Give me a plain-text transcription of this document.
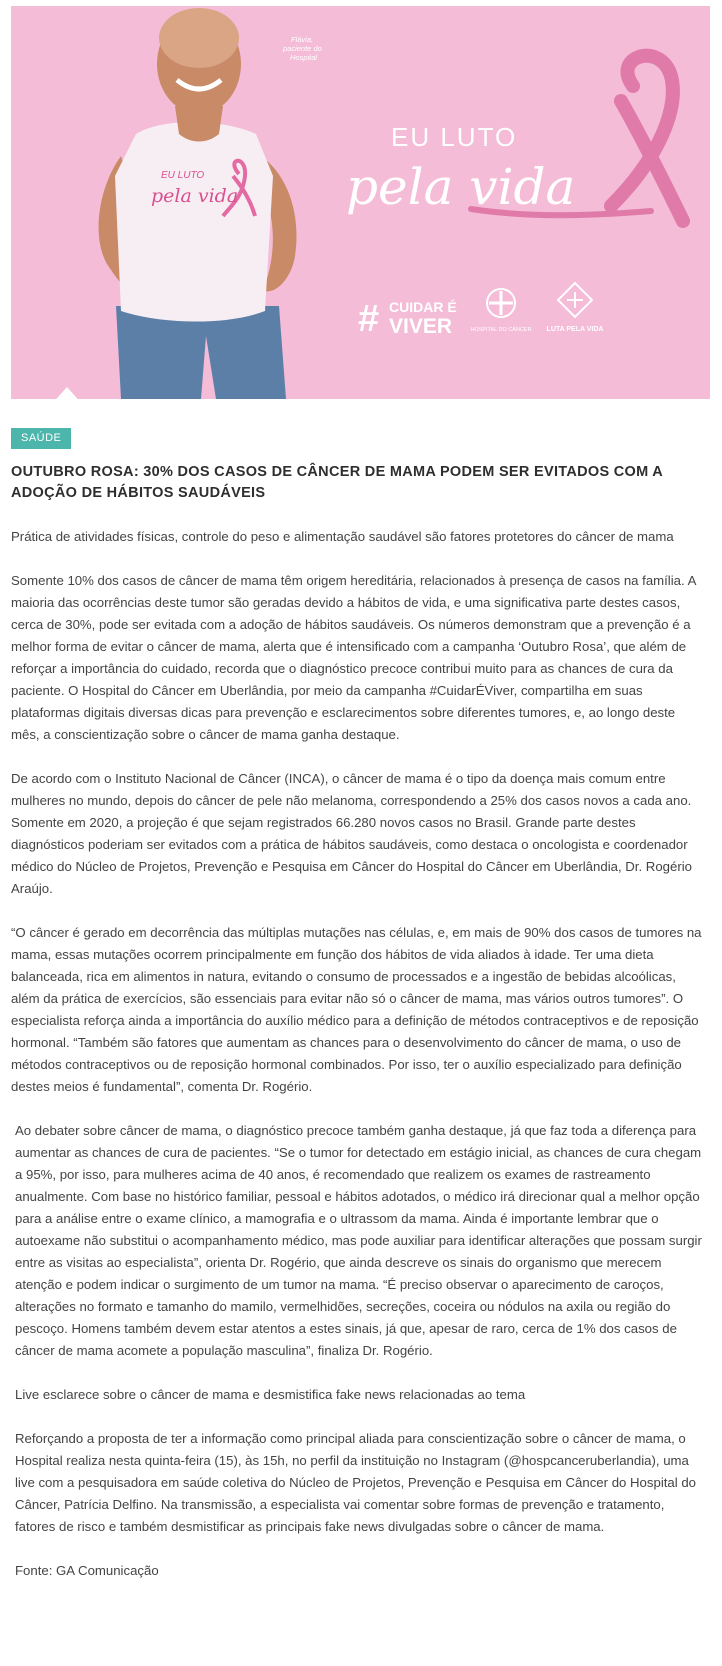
Flávia,
paciente do
Hospital
EU LUTO
pela vida
EU LUTO
pela vida
# CUIDAR É
VIVER	HOSPITAL DO CÂNCER LUTA PELA VIDA
SAÚDE
OUTUBRO ROSA: 30% DOS CASOS DE CÂNCER DE MAMA PODEM SER EVITADOS COM A ADOÇÃO DE HÁBITOS SAUDÁVEIS

Prática de atividades físicas, controle do peso e alimentação saudável são fatores protetores do câncer de mama

Somente 10% dos casos de câncer de mama têm origem hereditária, relacionados à presença de casos na família. A maioria das ocorrências deste tumor são geradas devido a hábitos de vida, e uma significativa parte destes casos, cerca de 30%, pode ser evitada com a adoção de hábitos saudáveis. Os números demonstram que a prevenção é a melhor forma de evitar o câncer de mama, alerta que é intensificado com a campanha ‘Outubro Rosa’, que além de reforçar a importância do cuidado, recorda que o diagnóstico precoce contribui muito para as chances de cura da paciente. O Hospital do Câncer em Uberlândia, por meio da campanha #CuidarÉViver, compartilha em suas plataformas digitais diversas dicas para prevenção e esclarecimentos sobre diferentes tumores, e, ao longo deste mês, a conscientização sobre o câncer de mama ganha destaque.

De acordo com o Instituto Nacional de Câncer (INCA), o câncer de mama é o tipo da doença mais comum entre mulheres no mundo, depois do câncer de pele não melanoma, correspondendo a 25% dos casos novos a cada ano. Somente em 2020, a projeção é que sejam registrados 66.280 novos casos no Brasil. Grande parte destes diagnósticos poderiam ser evitados com a prática de hábitos saudáveis, como destaca o oncologista e coordenador médico do Núcleo de Projetos, Prevenção e Pesquisa em Câncer do Hospital do Câncer em Uberlândia, Dr. Rogério Araújo.

“O câncer é gerado em decorrência das múltiplas mutações nas células, e, em mais de 90% dos casos de tumores na mama, essas mutações ocorrem principalmente em função dos hábitos de vida aliados à idade. Ter uma dieta balanceada, rica em alimentos in natura, evitando o consumo de processados e a ingestão de bebidas alcoólicas, além da prática de exercícios, são essenciais para evitar não só o câncer de mama, mas vários outros tumores”. O especialista reforça ainda a importância do auxílio médico para a definição de métodos contraceptivos e de reposição hormonal. “Também são fatores que aumentam as chances para o desenvolvimento do câncer de mama, o uso de métodos contraceptivos ou de reposição hormonal combinados. Por isso, ter o auxílio especializado para definição destes meios é fundamental”, comenta Dr. Rogério.

Ao debater sobre câncer de mama, o diagnóstico precoce também ganha destaque, já que faz toda a diferença para aumentar as chances de cura de pacientes. “Se o tumor for detectado em estágio inicial, as chances de cura chegam a 95%, por isso, para mulheres acima de 40 anos, é recomendado que realizem os exames de rastreamento anualmente. Com base no histórico familiar, pessoal e hábitos adotados, o médico irá direcionar qual a melhor opção para a análise entre o exame clínico, a mamografia e o ultrassom da mama. Ainda é importante lembrar que o autoexame não substitui o acompanhamento médico, mas pode auxiliar para identificar alterações que possam surgir entre as visitas ao especialista”, orienta Dr. Rogério, que ainda descreve os sinais do organismo que merecem atenção e podem indicar o surgimento de um tumor na mama. “É preciso observar o aparecimento de caroços, alterações no formato e tamanho do mamilo, vermelhidões, secreções, coceira ou nódulos na axila ou região do pescoço. Homens também devem estar atentos a estes sinais, já que, apesar de raro, cerca de 1% dos casos de câncer de mama acomete a população masculina”, finaliza Dr. Rogério.

Live esclarece sobre o câncer de mama e desmistifica fake news relacionadas ao tema

Reforçando a proposta de ter a informação como principal aliada para conscientização sobre o câncer de mama, o Hospital realiza nesta quinta-feira (15), às 15h, no perfil da instituição no Instagram (@hospcanceruberlandia), uma live com a pesquisadora em saúde coletiva do Núcleo de Projetos, Prevenção e Pesquisa em Câncer do Hospital do Câncer, Patrícia Delfino. Na transmissão, a especialista vai comentar sobre formas de prevenção e tratamento, fatores de risco e também desmistificar as principais fake news divulgadas sobre o câncer de mama.

Fonte: GA Comunicação
